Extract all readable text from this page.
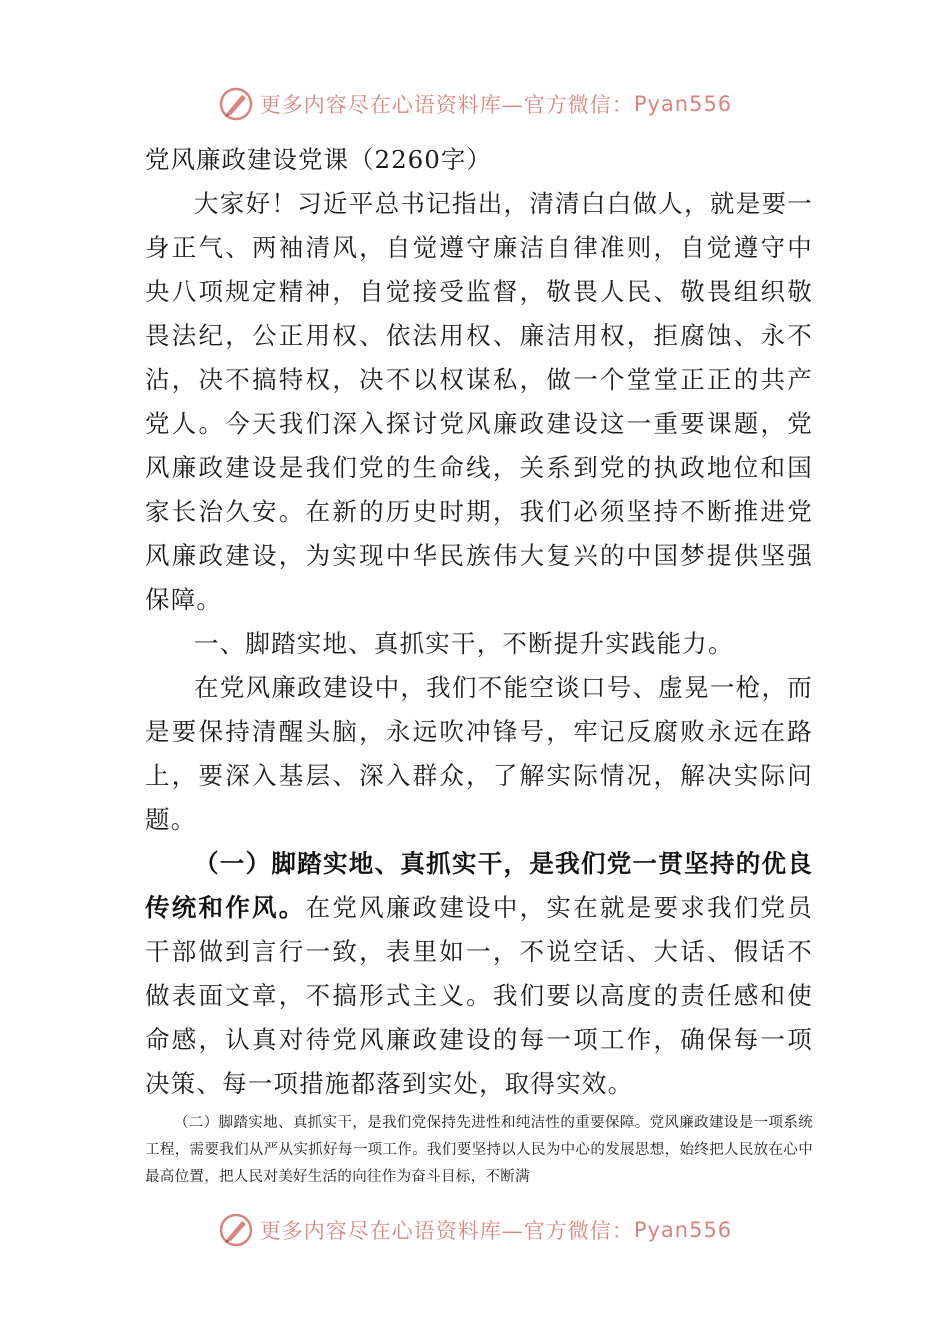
更多内容尽在心语资料库—官方微信： Pyan556
党风廉政建设党课（2260字）

大家好！习近平总书记指出，清清白白做人，就是要一身正气、两袖清风，自觉遵守廉洁自律准则，自觉遵守中央八项规定精神，自觉接受监督，敬畏人民、敬畏组织敬畏法纪，公正用权、依法用权、廉洁用权，拒腐蚀、永不沾，决不搞特权，决不以权谋私，做一个堂堂正正的共产党人。今天我们深入探讨党风廉政建设这一重要课题，党风廉政建设是我们党的生命线，关系到党的执政地位和国家长治久安。在新的历史时期，我们必须坚持不断推进党风廉政建设，为实现中华民族伟大复兴的中国梦提供坚强保障。

一、脚踏实地、真抓实干，不断提升实践能力。

在党风廉政建设中，我们不能空谈口号、虚晃一枪，而是要保持清醒头脑，永远吹冲锋号，牢记反腐败永远在路上，要深入基层、深入群众，了解实际情况，解决实际问题。

（一）脚踏实地、真抓实干，是我们党一贯坚持的优良传统和作风。在党风廉政建设中，实在就是要求我们党员干部做到言行一致，表里如一，不说空话、大话、假话不做表面文章，不搞形式主义。我们要以高度的责任感和使命感，认真对待党风廉政建设的每一项工作，确保每一项决策、每一项措施都落到实处，取得实效。

（二）脚踏实地、真抓实干，是我们党保持先进性和纯洁性的重要保障。党风廉政建设是一项系统工程，需要我们从严从实抓好每一项工作。我们要坚持以人民为中心的发展思想，始终把人民放在心中最高位置，把人民对美好生活的向往作为奋斗目标，不断满

更多内容尽在心语资料库—官方微信： Pyan556
